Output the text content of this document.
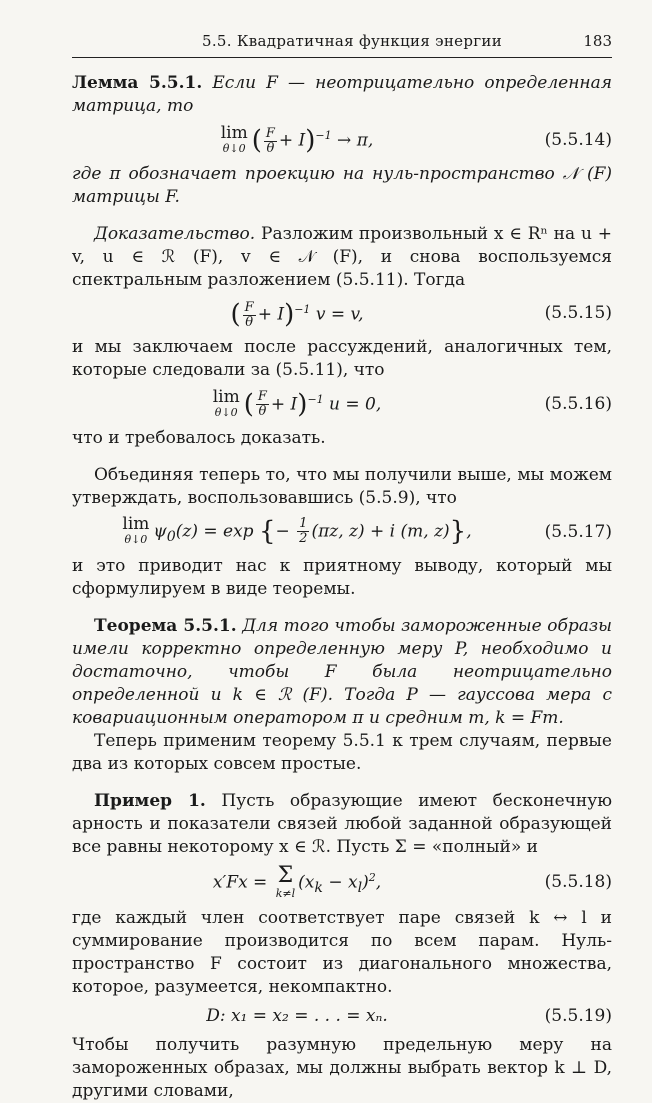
5.5. Квадратичная функция энергии	183

Лемма 5.5.1. Если F — неотрицательно определенная матрица, то

lim
θ↓0 ( $\frac{F}{\theta} + I)^{-1} \to \pi$,	(5.5.14)

где π обозначает проекцию на нуль-пространство 𝒩 (F) матрицы F.

Доказательство. Разложим произвольный x ∈ Rⁿ на u + v, u ∈ ℛ (F), v ∈ 𝒩 (F), и снова воспользуемся спектральным разложением (5.5.11). Тогда

( $\frac{F}{\theta} + I)^{-1}$ v = v,	(5.5.15)

и мы заключаем после рассуждений, аналогичных тем, которые следовали за (5.5.11), что

lim
θ↓0 ( $\frac{F}{\theta} + I)^{-1}$ u = 0,	(5.5.16)

что и требовалось доказать.

Объединяя теперь то, что мы получили выше, мы можем утверждать, воспользовавшись (5.5.9), что

lim
θ↓0 $\psi_0(z) = \exp$ {− $\frac{1}{2} (\pi z$, z) + i (m, z)},	(5.5.17)

и это приводит нас к приятному выводу, который мы сформулируем в виде теоремы.

Теорема 5.5.1. Для того чтобы замороженные образы имели корректно определенную меру P, необходимо и достаточно, чтобы F была неотрицательно определенной и k ∈ ℛ (F). Тогда P — гауссова мера с ковариационным оператором π и средним m, k = Fm.

Теперь применим теорему 5.5.1 к трем случаям, первые два из которых совсем простые.

Пример 1. Пусть образующие имеют бесконечную арность и показатели связей любой заданной образующей все равны некоторому x ∈ ℛ. Пусть Σ = «полный» и

x′Fx = Σ
k≠l
$(x_k - x_l)^2$,	(5.5.18)

где каждый член соответствует паре связей k ↔ l и суммирование производится по всем парам. Нуль-пространство F состоит из диагонального множества, которое, разумеется, некомпактно.

D: x₁ = x₂ = . . . = xₙ.	(5.5.19)

Чтобы получить разумную предельную меру на замороженных образах, мы должны выбрать вектор k ⊥ D, другими словами,
